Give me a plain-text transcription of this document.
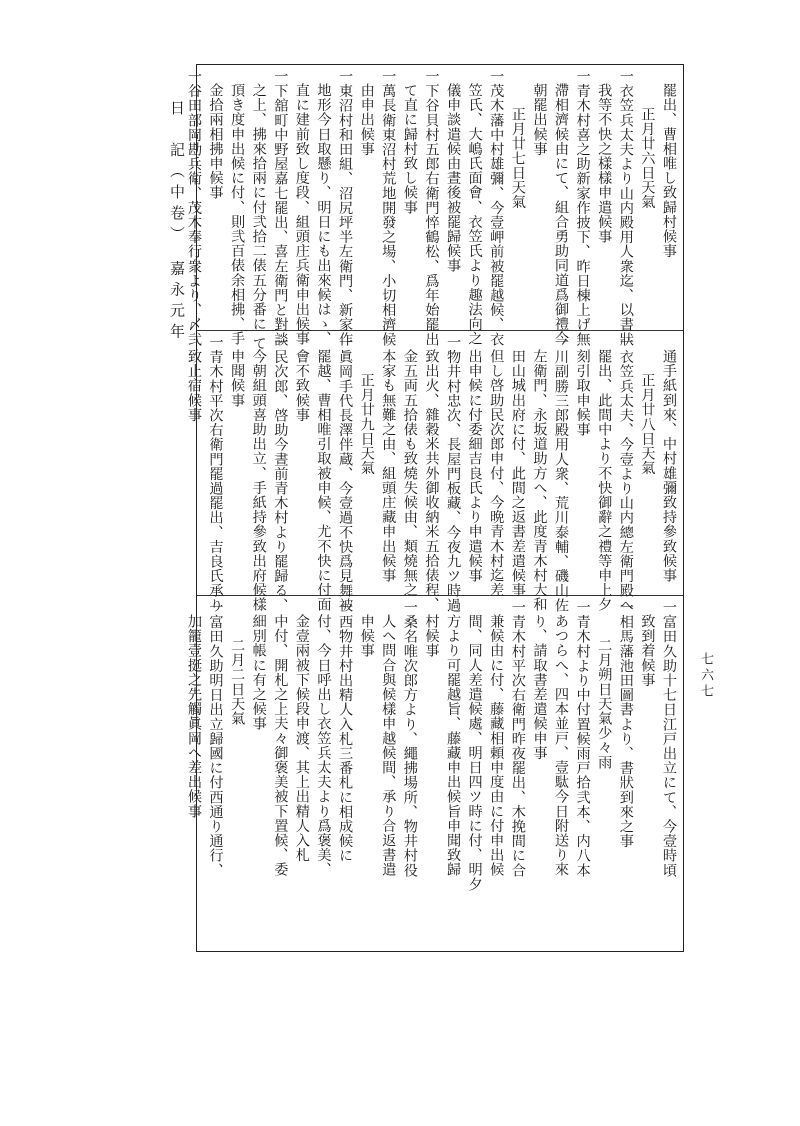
日　記（中卷）　嘉永元年
七六七
罷出、曹相唯し致歸村候事
正月廿六日天氣
一衣笠兵太夫より山内殿用人衆迄、以書狀
我等不快之樣樣申遣候事
一青木村喜之助新家作披下、昨日棟上げ無
滯相濟候由にて、組合勇助同道爲御禮今
朝罷出候事
正月廿七日天氣
一茂木藩中村雄彌、今壹岬前被罷越候、衣
笠氏、大嶋氏面會、衣笠氏より趣法向之
儀申談遣候由晝後被罷歸候事
一下谷貝村五郎右衛門悴鶴松、爲年始罷出
て直に歸村致し候事
一萬長衛東沼村荒地開發之場、小切相濟候
由申出候事
一東沼村和田組、沼尻坪半左衛門、新家作
地形今日取懸り、明日にも出來候はゝ、
直に建前致し度段、組頭庄兵衛申出候事
一下舘町中野屋嘉七罷出、喜左衛門と對談
之上、拂來拾兩に付弐拾二俵五分番に て
頂き度申出候に付、則弐百俵余相拂、手
金拾兩相拂申候事
一谷田部岡勘兵衛、茂木奉行衆より、〆弐
通手紙到來、中村雄彌致持參致候事
正月廿八日天氣
一衣笠兵太夫、今壹より山内總左衛門殿へ
罷出、此間中より不快御辭之禮等申上夕
刻引取申候事
一川副勝三郎殿用人衆、荒川泰輔、磯山佐
左衛門、永坂道助方へ、此度青木村大和
田山城出府に付、此間之返書差遣候事
但し啓助民次郎申付、今晩青木村迄差
出申候に付委細吉良氏より申遣候事
一物井村忠次、長屋門板藏、今夜九ツ時過
致出火、雜穀米共外御收納米五拾俵程、
金五両五拾俵も致燒失候由、類燒無之
本家も無難之由、組頭庄藏申出候事
正月廿九日天氣
一眞岡手代長澤伴蔵、今壹過不快爲見舞被
罷越、曹相唯引取被申候、尤不快に付面
會不致候事
一民次郎、啓助今晝前青木村より罷歸る、
今朝組頭喜助出立、手紙持參致出府候樣
申聞候事
一青木村平次右衛門罷過罷出、吉良氏承り
致止宿候事
一富田久助十七日江戸出立にて、今壹時頃
致到着候事
一相馬藩池田圖書より、書狀到來之事
二月朔日天氣少々雨
一青木村より中付置候雨戸拾弐本、内八本
あつらへ、四本並戸、壹駄今日附送り來
り、請取書差遣候申事
一青木村平次右衛門昨夜罷出、木挽間に合
兼候由に付、藤藏相頼申度由に付申出候
間、同人差遣候處、明日四ツ時に付、明夕
方より可罷越旨、藤藏申出候旨申聞致歸
村候事
一桑名唯次郎方より、繩拂場所、物井村役
人へ問合與候樣申越候間、承り合返書遣
申候事
一西物井村出精人入札三番札に相成候に
付、今日呼出し衣笠兵太夫より爲褒美、
金壹兩被下候段申渡、其上出精人入札
中付、開札之上夫々御褒美被下置候、委
細別帳に有之候事
二月二日天氣
一富田久助明日出立歸國に付西通り通行、
加籠壹挺之先觸眞岡へ差出候事
